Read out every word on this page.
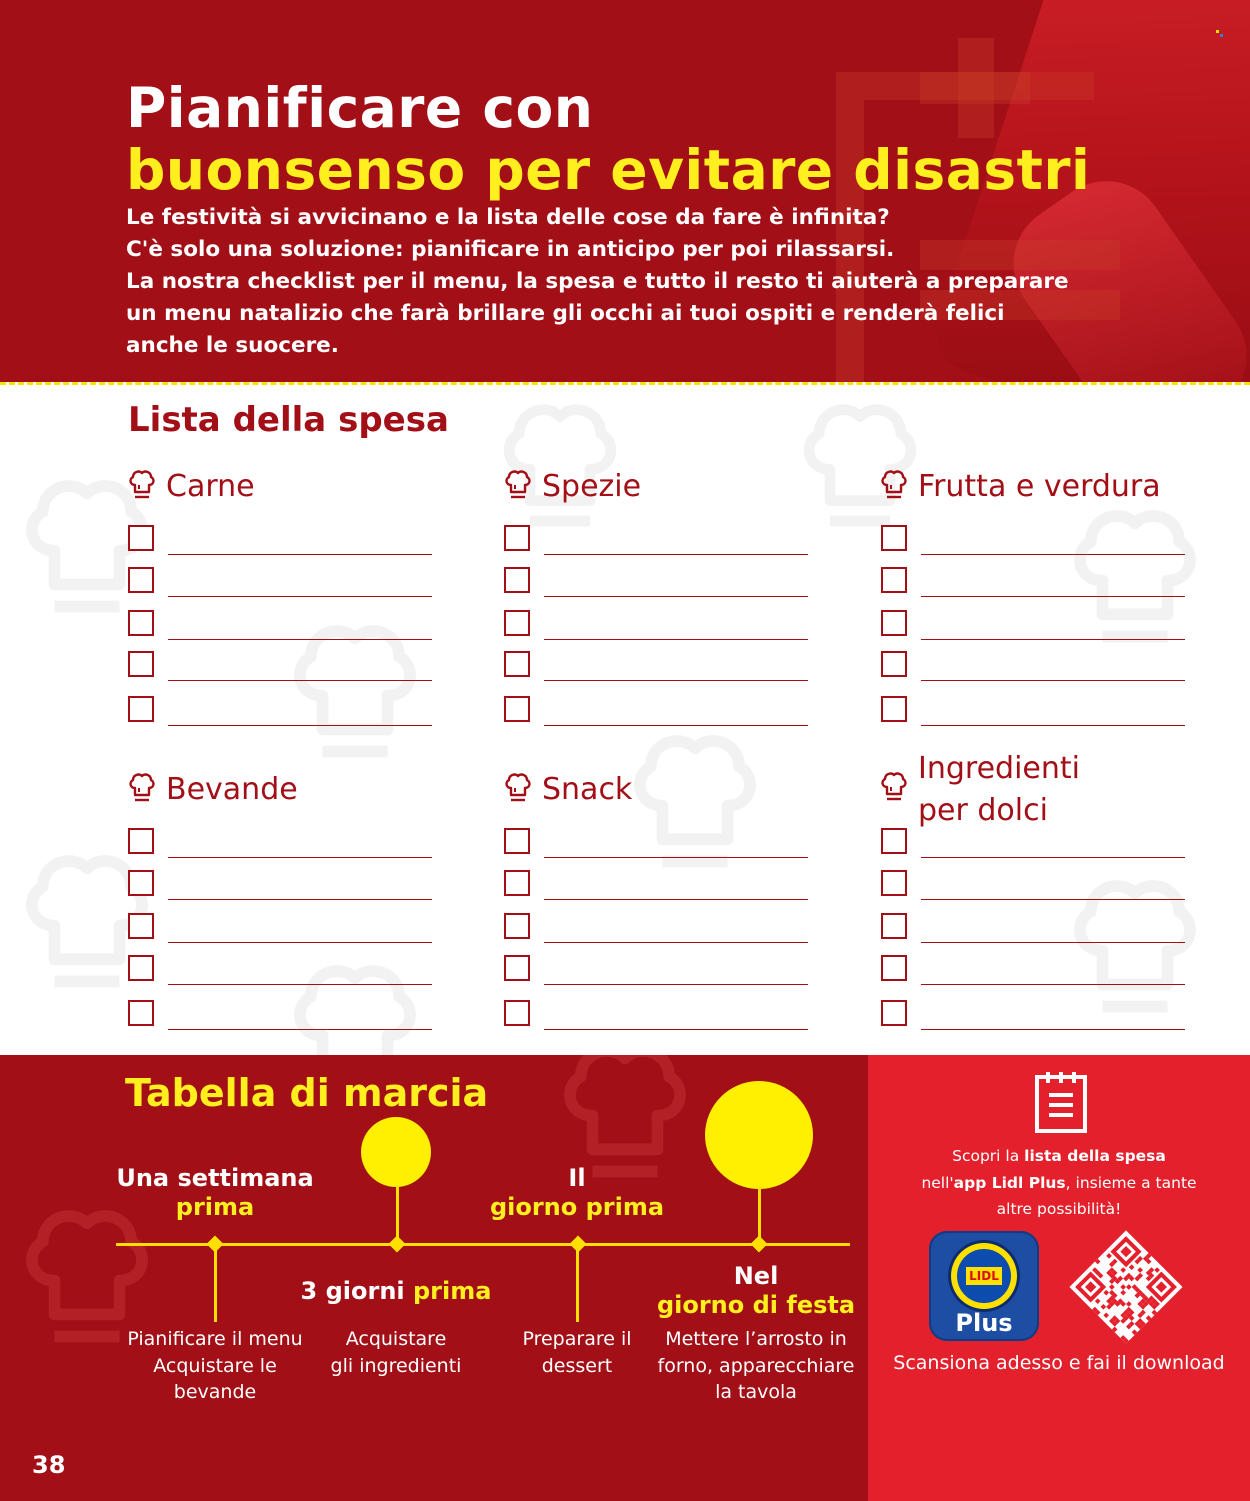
Pianificare con
buonsenso per evitare disastri
Le festività si avvicinano e la lista delle cose da fare è infinita?
C'è solo una soluzione: pianificare in anticipo per poi rilassarsi.
La nostra checklist per il menu, la spesa e tutto il resto ti aiuterà a preparare
un menu natalizio che farà brillare gli occhi ai tuoi ospiti e renderà felici
anche le suocere.
Lista della spesa
Carne	Spezie	Frutta e verdura
Bevande	Snack
Ingredienti
per dolci
Tabella di marcia
Una settimana
prima
Pianificare il menu
Acquistare le
bevande
3 giorni prima
Acquistare
gli ingredienti
Il
giorno prima
Preparare il
dessert
Nel
giorno di festa
Mettere l’arrosto in
forno, apparecchiare
la tavola
38
Scopri la lista della spesa
nell'app Lidl Plus, insieme a tante
altre possibilità!
LIDL
Plus
Scansiona adesso e fai il download
